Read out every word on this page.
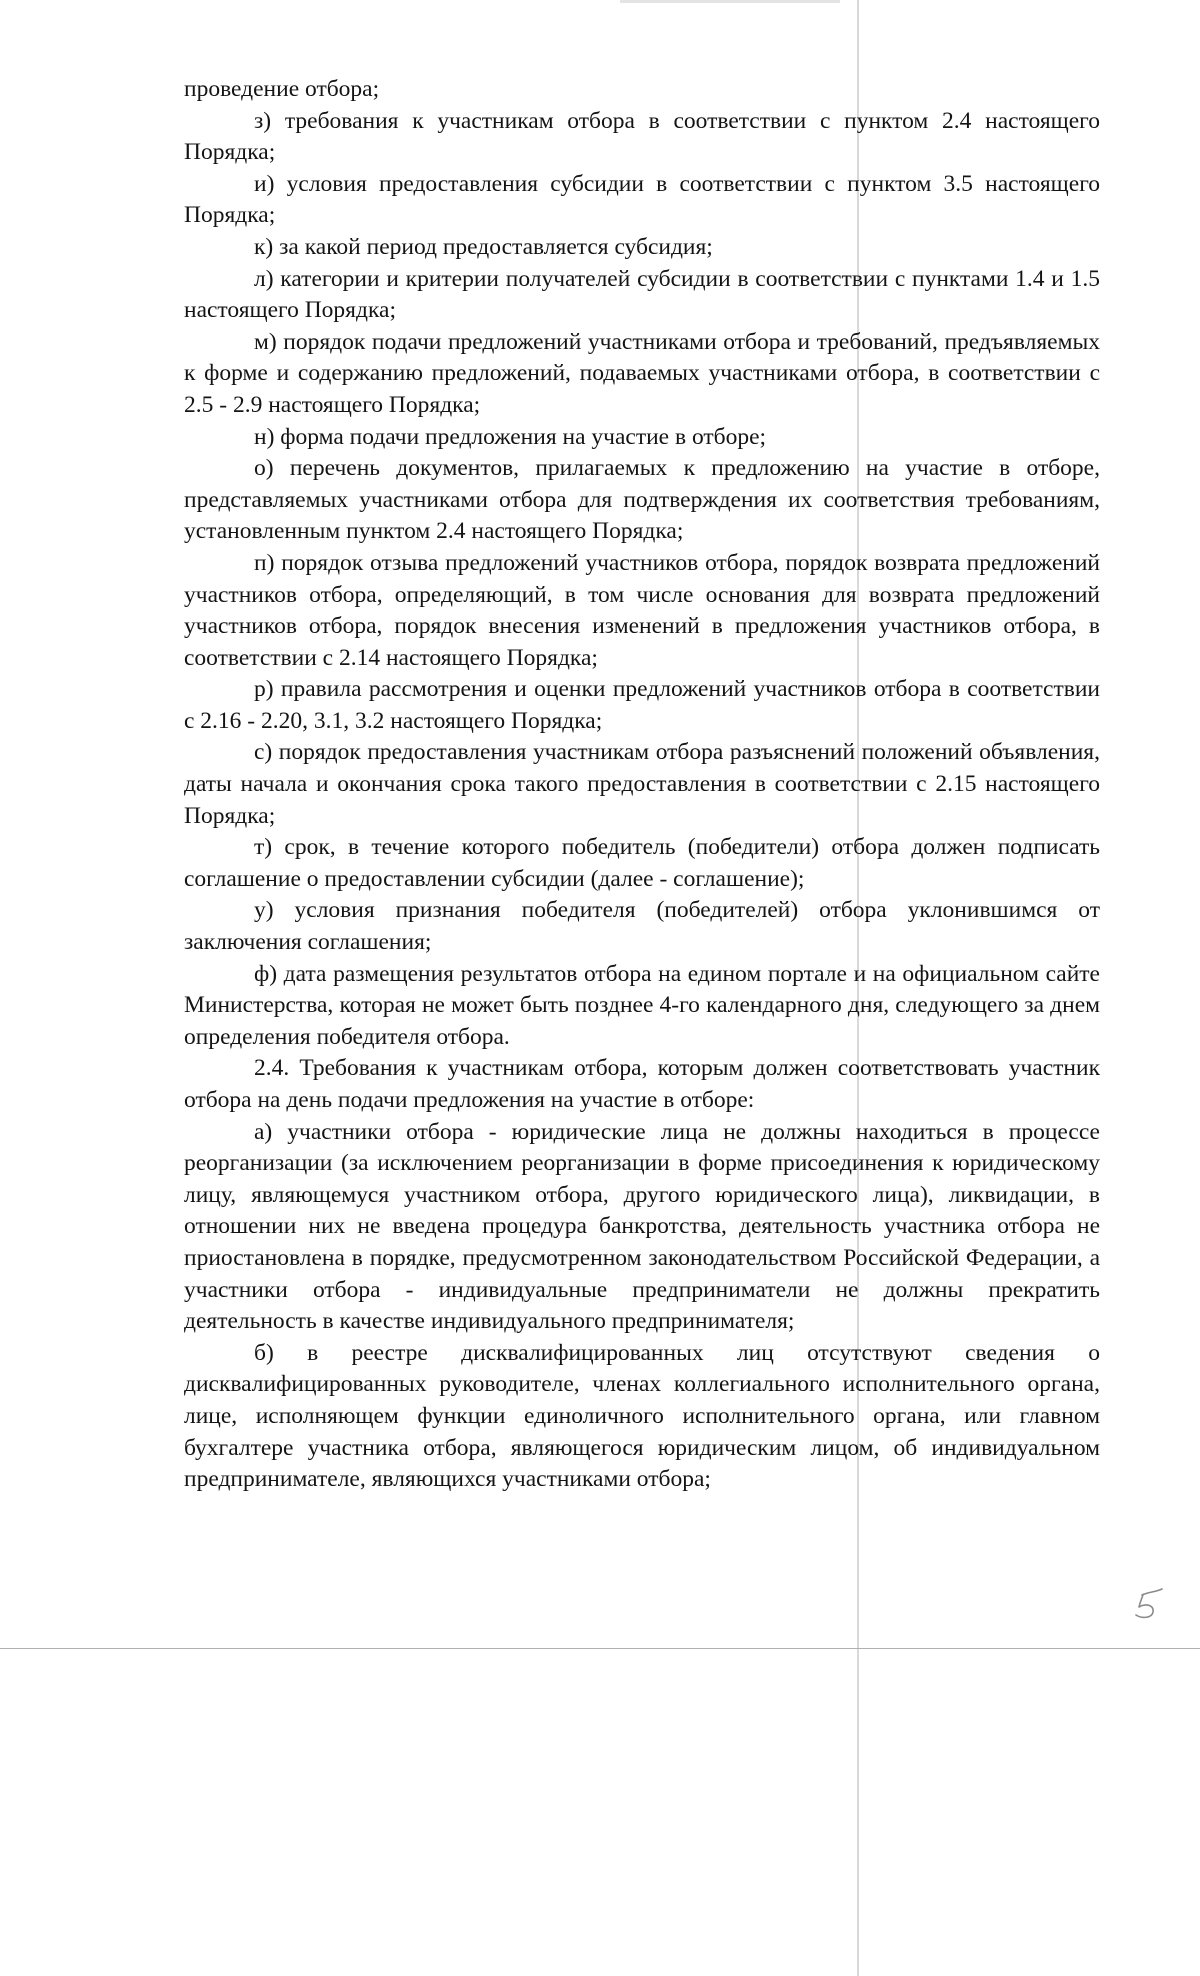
проведение отбора;

з) требования к участникам отбора в соответствии с пунктом 2.4 настоящего Порядка;

и) условия предоставления субсидии в соответствии с пунктом 3.5 настоящего Порядка;

к) за какой период предоставляется субсидия;

л) категории и критерии получателей субсидии в соответствии с пунктами 1.4 и 1.5 настоящего Порядка;

м) порядок подачи предложений участниками отбора и требований, предъявляемых к форме и содержанию предложений, подаваемых участниками отбора, в соответствии с 2.5 - 2.9 настоящего Порядка;

н) форма подачи предложения на участие в отборе;

о) перечень документов, прилагаемых к предложению на участие в отборе, представляемых участниками отбора для подтверждения их соответствия требованиям, установленным пунктом 2.4 настоящего Порядка;

п) порядок отзыва предложений участников отбора, порядок возврата предложений участников отбора, определяющий, в том числе основания для возврата предложений участников отбора, порядок внесения изменений в предложения участников отбора, в соответствии с 2.14 настоящего Порядка;

р) правила рассмотрения и оценки предложений участников отбора в соответствии с 2.16 - 2.20, 3.1, 3.2 настоящего Порядка;

с) порядок предоставления участникам отбора разъяснений положений объявления, даты начала и окончания срока такого предоставления в соответствии с 2.15 настоящего Порядка;

т) срок, в течение которого победитель (победители) отбора должен подписать соглашение о предоставлении субсидии (далее - соглашение);

у) условия признания победителя (победителей) отбора уклонившимся от заключения соглашения;

ф) дата размещения результатов отбора на едином портале и на официальном сайте Министерства, которая не может быть позднее 4-го календарного дня, следующего за днем определения победителя отбора.

2.4. Требования к участникам отбора, которым должен соответствовать участник отбора на день подачи предложения на участие в отборе:

а) участники отбора - юридические лица не должны находиться в процессе реорганизации (за исключением реорганизации в форме присоединения к юридическому лицу, являющемуся участником отбора, другого юридического лица), ликвидации, в отношении них не введена процедура банкротства, деятельность участника отбора не приостановлена в порядке, предусмотренном законодательством Российской Федерации, а участники отбора - индивидуальные предприниматели не должны прекратить деятельность в качестве индивидуального предпринимателя;

б) в реестре дисквалифицированных лиц отсутствуют сведения о дисквалифицированных руководителе, членах коллегиального исполнительного органа, лице, исполняющем функции единоличного исполнительного органа, или главном бухгалтере участника отбора, являющегося юридическим лицом, об индивидуальном предпринимателе, являющихся участниками отбора;
